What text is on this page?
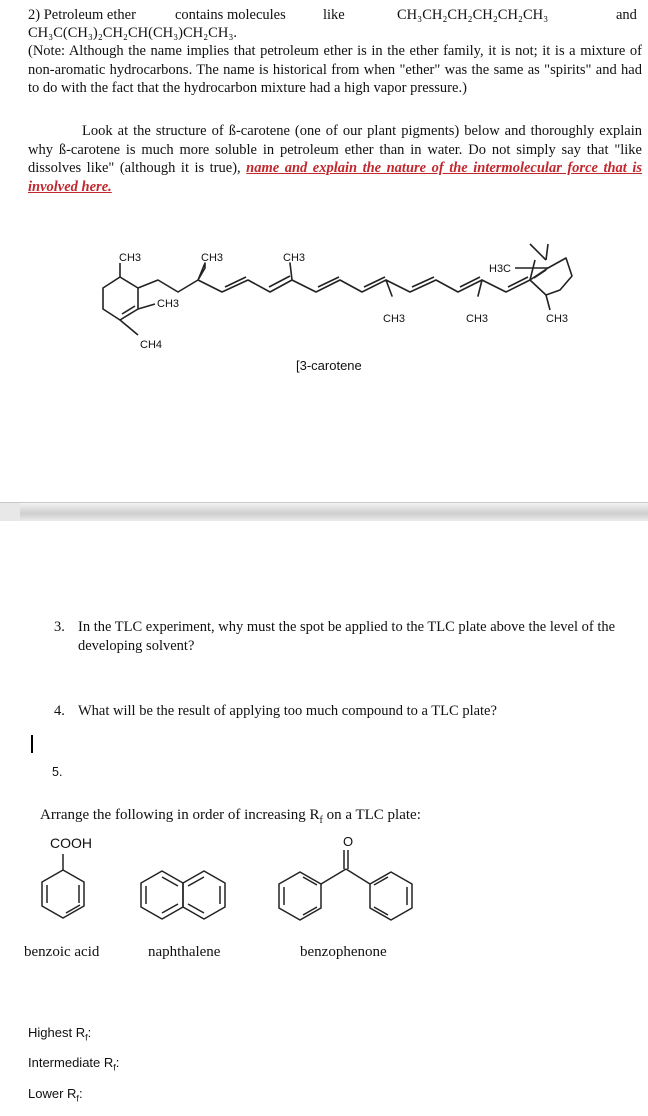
2) Petroleum ether	contains molecules	like	CH₃CH₂CH₂CH₂CH₂CH₃	and
CH₃C(CH₃)₂CH₂CH(CH₃)CH₂CH₃.
(Note: Although the name implies that petroleum ether is in the ether family, it is not; it is a mixture of non-aromatic hydrocarbons. The name is historical from when "ether" was the same as "spirits" and had to do with the fact that the hydrocarbon mixture had a high vapor pressure.)
Look at the structure of ß-carotene (one of our plant pigments) below and thoroughly explain why ß-carotene is much more soluble in petroleum ether than in water. Do not simply say that "like dissolves like" (although it is true), name and explain the nature of the intermolecular force that is involved here.
CH3	CH3	CH3
H3C
CH3
CH3	CH3	CH3
CH4
[3-carotene
3. In the TLC experiment, why must the spot be applied to the TLC plate above the level of the developing solvent?
4. What will be the result of applying too much compound to a TLC plate?
5.
Arrange the following in order of increasing $R_f$ on a TLC plate:
COOH	O
benzoic acid	naphthalene	benzophenone
Highest $R_f$:
Intermediate $R_f$:
Lower $R_f$:
